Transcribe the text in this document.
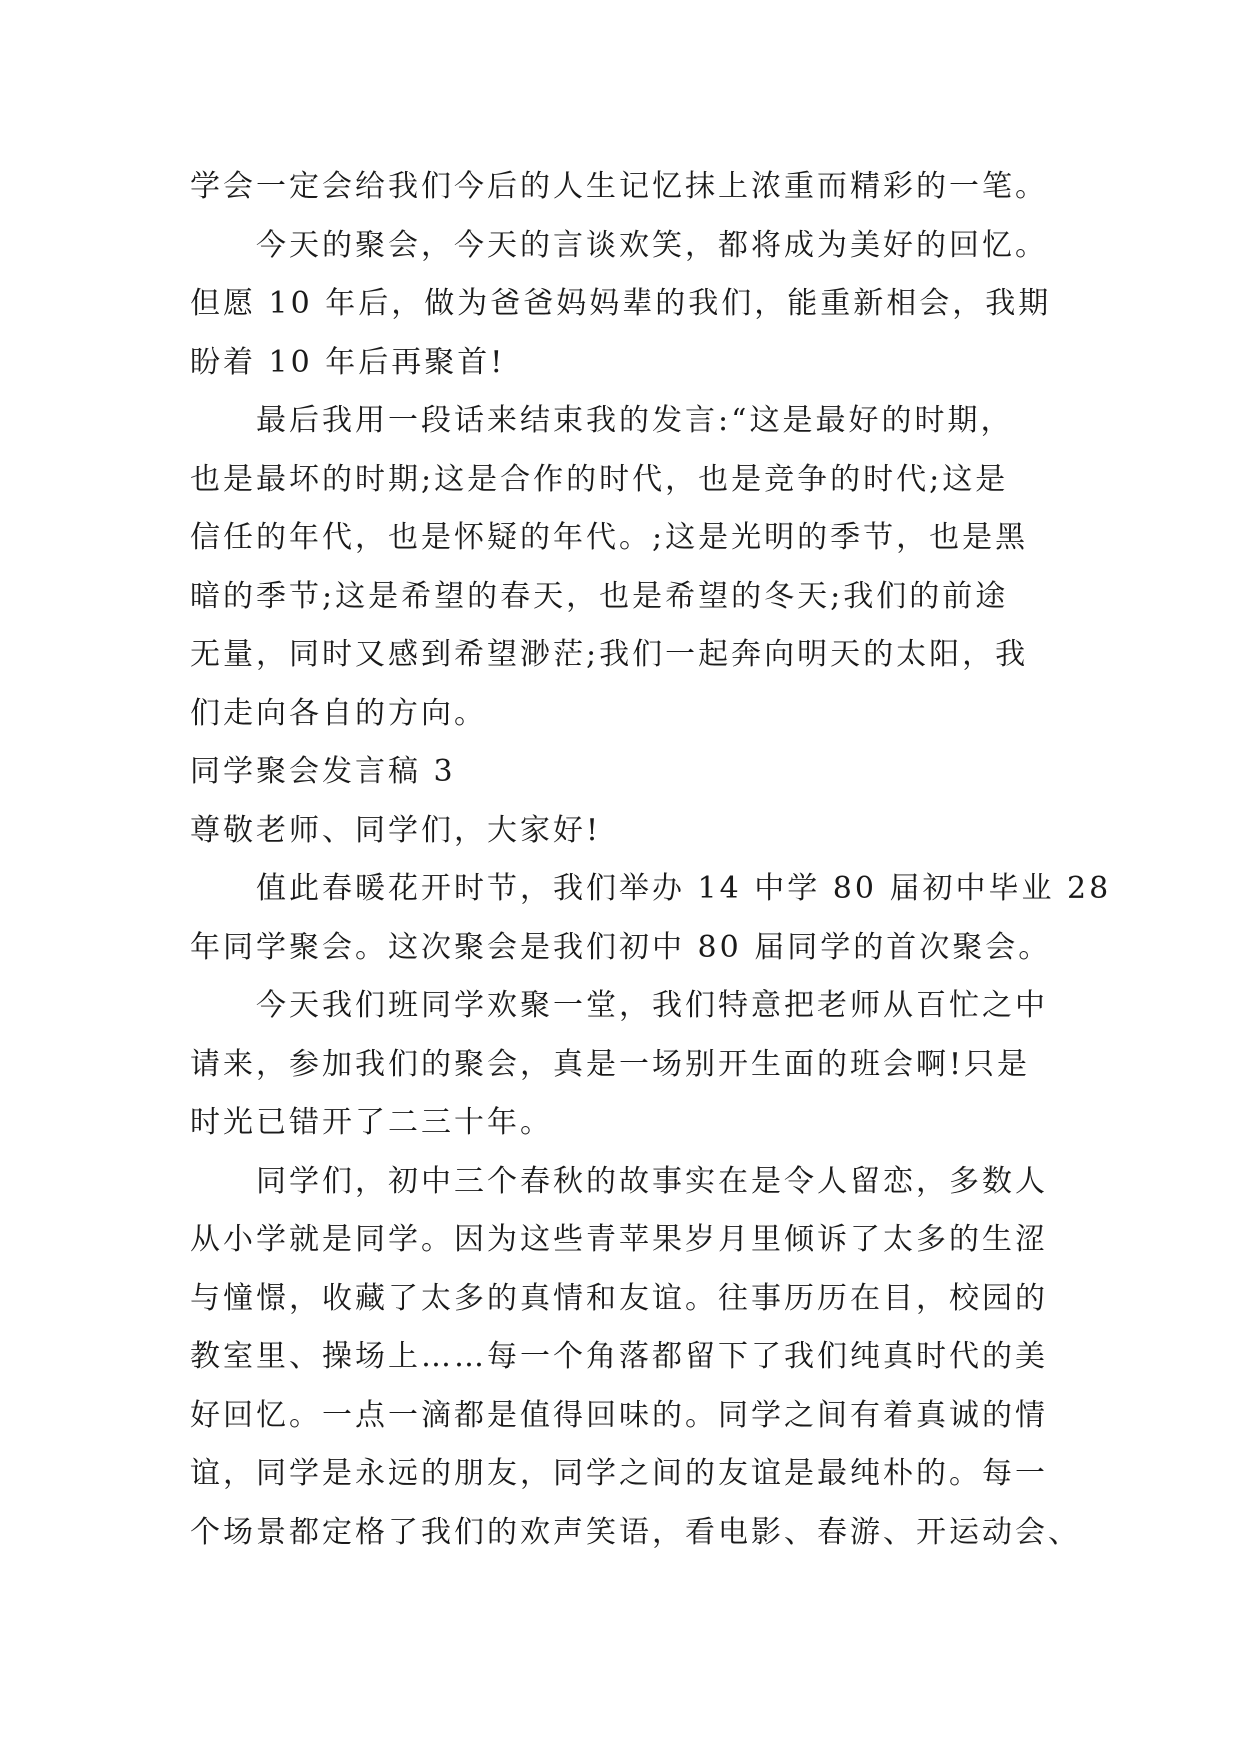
学会一定会给我们今后的人生记忆抹上浓重而精彩的一笔。
今天的聚会，今天的言谈欢笑，都将成为美好的回忆。
但愿 10 年后，做为爸爸妈妈辈的我们，能重新相会，我期
盼着 10 年后再聚首!
最后我用一段话来结束我的发言:“这是最好的时期，
也是最坏的时期;这是合作的时代，也是竞争的时代;这是
信任的年代，也是怀疑的年代。;这是光明的季节，也是黑
暗的季节;这是希望的春天，也是希望的冬天;我们的前途
无量，同时又感到希望渺茫;我们一起奔向明天的太阳，我
们走向各自的方向。
同学聚会发言稿 3
尊敬老师、同学们，大家好!
值此春暖花开时节，我们举办 14 中学 80 届初中毕业 28
年同学聚会。这次聚会是我们初中 80 届同学的首次聚会。
今天我们班同学欢聚一堂，我们特意把老师从百忙之中
请来，参加我们的聚会，真是一场别开生面的班会啊!只是
时光已错开了二三十年。
同学们，初中三个春秋的故事实在是令人留恋，多数人
从小学就是同学。因为这些青苹果岁月里倾诉了太多的生涩
与憧憬，收藏了太多的真情和友谊。往事历历在目，校园的
教室里、操场上……每一个角落都留下了我们纯真时代的美
好回忆。一点一滴都是值得回味的。同学之间有着真诚的情
谊，同学是永远的朋友，同学之间的友谊是最纯朴的。每一
个场景都定格了我们的欢声笑语，看电影、春游、开运动会、
